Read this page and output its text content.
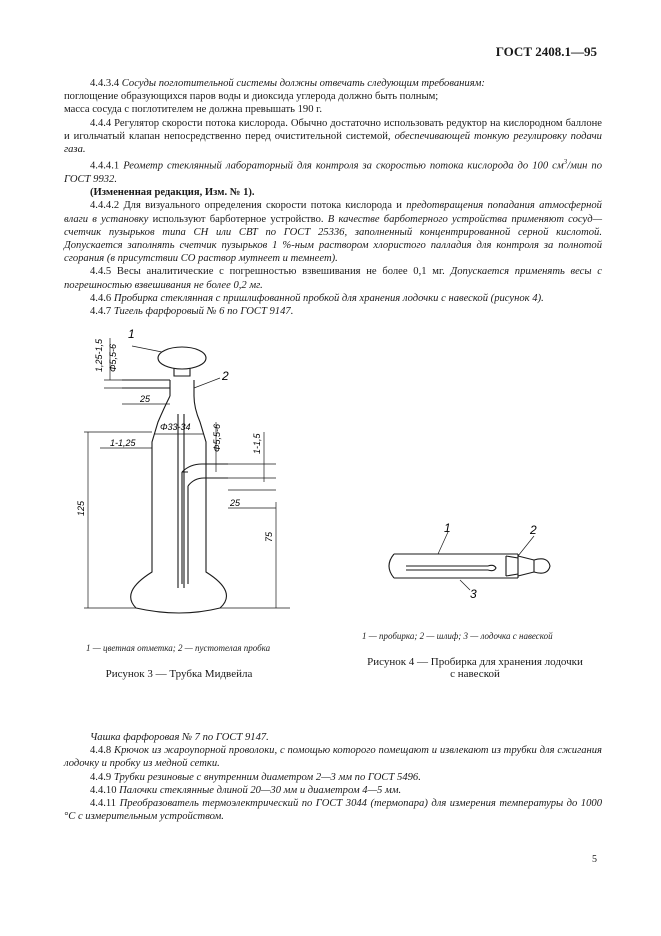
ГОСТ 2408.1—95

4.4.3.4 Сосуды поглотительной системы должны отвечать следующим требованиям:

поглощение образующихся паров воды и диоксида углерода должно быть полным;

масса сосуда с поглотителем не должна превышать 190 г.

4.4.4 Регулятор скорости потока кислорода. Обычно достаточно использовать редуктор на кислородном баллоне и игольчатый клапан непосредственно перед очистительной системой, обеспечивающей тонкую регулировку подачи газа.

4.4.4.1 Реометр стеклянный лабораторный для контроля за скоростью потока кислорода до 100 $см^3$/мин по ГОСТ 9932.

(Измененная редакция, Изм. № 1).

4.4.4.2 Для визуального определения скорости потока кислорода и предотвращения попадания атмосферной влаги в установку используют барботерное устройство. В качестве барботерного устройства применяют сосуд—счетчик пузырьков типа СН или СВТ по ГОСТ 25336, заполненный концентрированной серной кислотой. Допускается заполнять счетчик пузырьков 1 %-ным раствором хлористого палладия для контроля за полнотой сгорания (в присутствии СО раствор мутнеет и темнеет).

4.4.5 Весы аналитические с погрешностью взвешивания не более 0,1 мг. Допускается применять весы с погрешностью взвешивания не более 0,2 мг.

4.4.6 Пробирка стеклянная с пришлифованной пробкой для хранения лодочки с навеской (рисунок 4).

4.4.7 Тигель фарфоровый № 6 по ГОСТ 9147.

1
2
1,25-1,5 Φ5,5-6
25
Φ33-34 Φ5,5-6	1-1,5
1-1,25
125	25
75
1 — цветная отметка; 2 — пустотелая пробка
Рисунок 3 — Трубка Мидвейла
1	2
3
1 — пробирка; 2 — шлиф; 3 — лодочка с навеской
Рисунок 4 — Пробирка для хранения лодочки
с навеской

Чашка фарфоровая № 7 по ГОСТ 9147.

4.4.8 Крючок из жароупорной проволоки, с помощью которого помещают и извлекают из трубки для сжигания лодочку и пробку из медной сетки.

4.4.9 Трубки резиновые с внутренним диаметром 2—3 мм по ГОСТ 5496.

4.4.10 Палочки стеклянные длиной 20—30 мм и диаметром 4—5 мм.

4.4.11 Преобразователь термоэлектрический по ГОСТ 3044 (термопара) для измерения температуры до 1000 °С с измерительным устройством.

5
